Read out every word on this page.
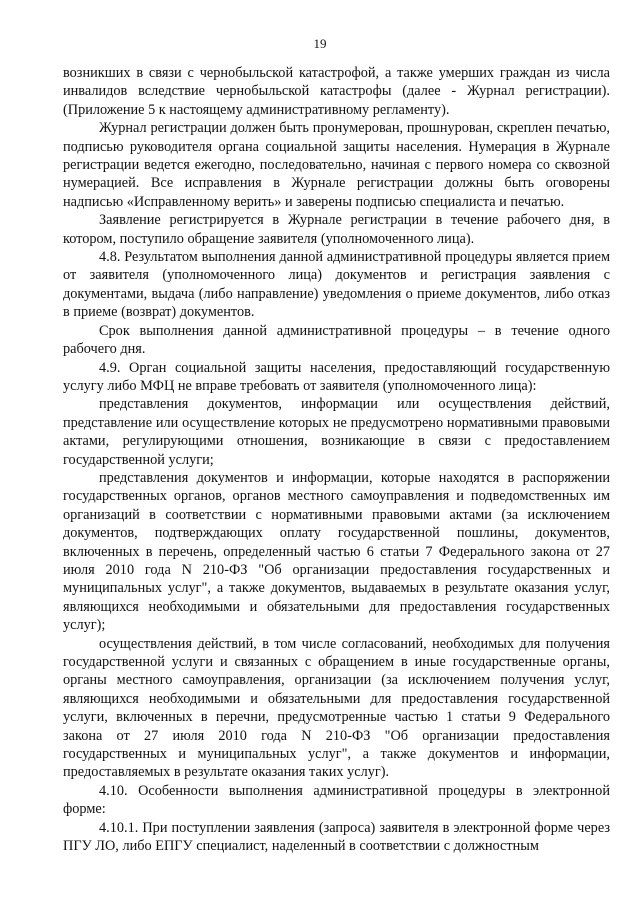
19

возникших в связи с чернобыльской катастрофой, а также умерших граждан из числа инвалидов вследствие чернобыльской катастрофы (далее - Журнал регистрации). (Приложение 5 к настоящему административному регламенту).

Журнал регистрации должен быть пронумерован, прошнурован, скреплен печатью, подписью руководителя органа социальной защиты населения. Нумерация в Журнале регистрации ведется ежегодно, последовательно, начиная с первого номера со сквозной нумерацией. Все исправления в Журнале регистрации должны быть оговорены надписью «Исправленному верить» и заверены подписью специалиста и печатью.

Заявление регистрируется в Журнале регистрации в течение рабочего дня, в котором, поступило обращение заявителя (уполномоченного лица).

4.8. Результатом выполнения данной административной процедуры является прием от заявителя (уполномоченного лица) документов и регистрация заявления с документами, выдача (либо направление) уведомления о приеме документов, либо отказ в приеме (возврат) документов.

Срок выполнения данной административной процедуры – в течение одного рабочего дня.

4.9. Орган социальной защиты населения, предоставляющий государственную услугу либо МФЦ не вправе требовать от заявителя (уполномоченного лица):

представления документов, информации или осуществления действий, представление или осуществление которых не предусмотрено нормативными правовыми актами, регулирующими отношения, возникающие в связи с предоставлением государственной услуги;

представления документов и информации, которые находятся в распоряжении государственных органов, органов местного самоуправления и подведомственных им организаций в соответствии с нормативными правовыми актами (за исключением документов, подтверждающих оплату государственной пошлины, документов, включенных в перечень, определенный частью 6 статьи 7 Федерального закона от 27 июля 2010 года N 210-ФЗ "Об организации предоставления государственных и муниципальных услуг", а также документов, выдаваемых в результате оказания услуг, являющихся необходимыми и обязательными для предоставления государственных услуг);

осуществления действий, в том числе согласований, необходимых для получения государственной услуги и связанных с обращением в иные государственные органы, органы местного самоуправления, организации (за исключением получения услуг, являющихся необходимыми и обязательными для предоставления государственной услуги, включенных в перечни, предусмотренные частью 1 статьи 9 Федерального закона от 27 июля 2010 года N 210-ФЗ "Об организации предоставления государственных и муниципальных услуг", а также документов и информации, предоставляемых в результате оказания таких услуг).

4.10. Особенности выполнения административной процедуры в электронной форме:

4.10.1. При поступлении заявления (запроса) заявителя в электронной форме через ПГУ ЛО, либо ЕПГУ специалист, наделенный в соответствии с должностным
